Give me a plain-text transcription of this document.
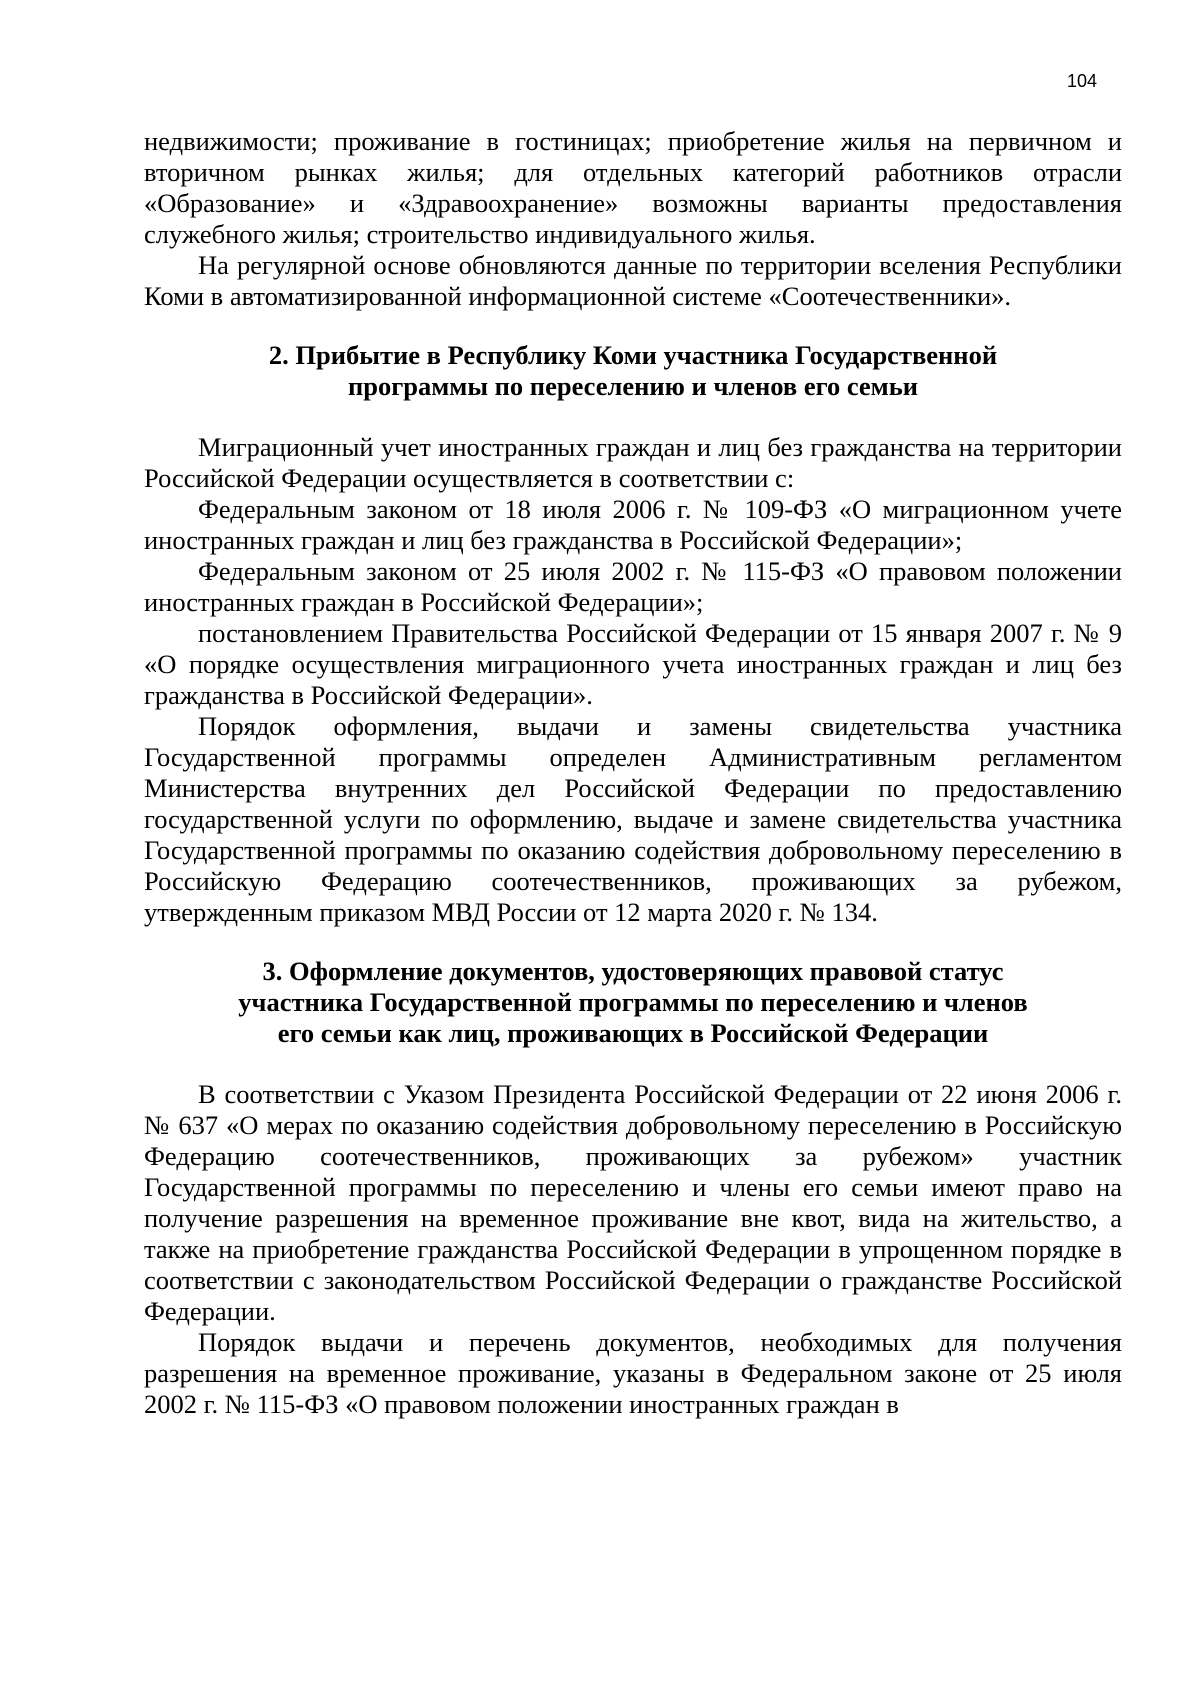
104

недвижимости; проживание в гостиницах; приобретение жилья на первичном и вторичном рынках жилья; для отдельных категорий работников отрасли «Образование» и «Здравоохранение» возможны варианты предоставления служебного жилья; строительство индивидуального жилья.

На регулярной основе обновляются данные по территории вселения Республики Коми в автоматизированной информационной системе «Соотечественники».

2. Прибытие в Республику Коми участника Государственной
программы по переселению и членов его семьи

Миграционный учет иностранных граждан и лиц без гражданства на территории Российской Федерации осуществляется в соответствии с:

Федеральным законом от 18 июля 2006 г. № 109-ФЗ «О миграционном учете иностранных граждан и лиц без гражданства в Российской Федерации»;

Федеральным законом от 25 июля 2002 г. № 115-ФЗ «О правовом положении иностранных граждан в Российской Федерации»;

постановлением Правительства Российской Федерации от 15 января 2007 г. № 9 «О порядке осуществления миграционного учета иностранных граждан и лиц без гражданства в Российской Федерации».

Порядок оформления, выдачи и замены свидетельства участника Государственной программы определен Административным регламентом Министерства внутренних дел Российской Федерации по предоставлению государственной услуги по оформлению, выдаче и замене свидетельства участника Государственной программы по оказанию содействия добровольному переселению в Российскую Федерацию соотечественников, проживающих за рубежом, утвержденным приказом МВД России от 12 марта 2020 г. № 134.

3. Оформление документов, удостоверяющих правовой статус
участника Государственной программы по переселению и членов
его семьи как лиц, проживающих в Российской Федерации

В соответствии с Указом Президента Российской Федерации от 22 июня 2006 г. № 637 «О мерах по оказанию содействия добровольному переселению в Российскую Федерацию соотечественников, проживающих за рубежом» участник Государственной программы по переселению и члены его семьи имеют право на получение разрешения на временное проживание вне квот, вида на жительство, а также на приобретение гражданства Российской Федерации в упрощенном порядке в соответствии с законодательством Российской Федерации о гражданстве Российской Федерации.

Порядок выдачи и перечень документов, необходимых для получения разрешения на временное проживание, указаны в Федеральном законе от 25 июля 2002 г. № 115-ФЗ «О правовом положении иностранных граждан в
